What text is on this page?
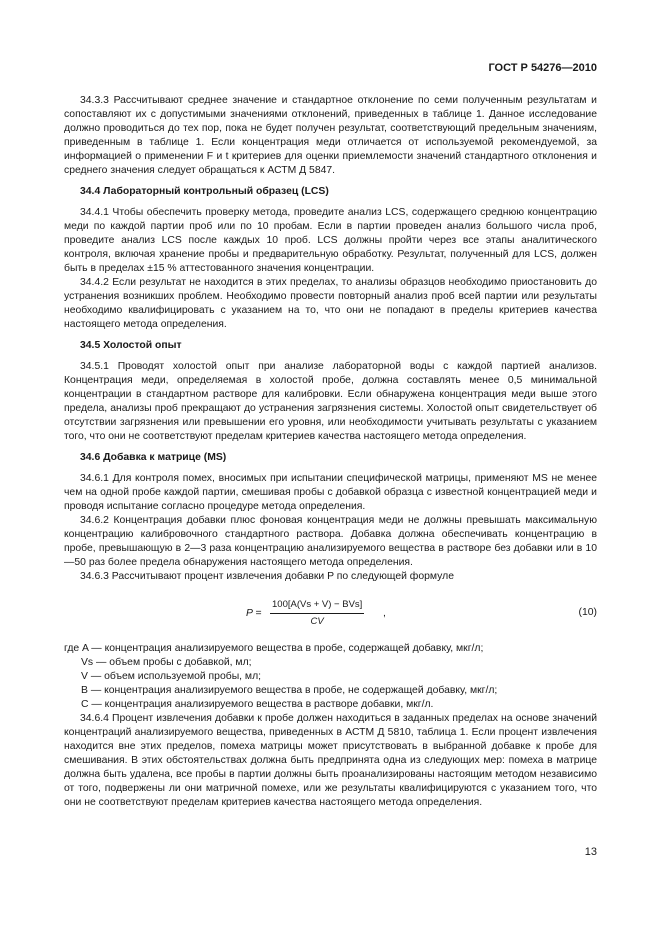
ГОСТ Р 54276—2010

34.3.3 Рассчитывают среднее значение и стандартное отклонение по семи полученным результатам и сопоставляют их с допустимыми значениями отклонений, приведенных в таблице 1. Данное исследование должно проводиться до тех пор, пока не будет получен результат, соответствующий предельным значениям, приведенным в таблице 1. Если концентрация меди отличается от используемой рекомендуемой, за информацией о применении F и t критериев для оценки приемлемости значений стандартного отклонения и среднего значения следует обращаться к АСТМ Д 5847.

34.4 Лабораторный контрольный образец (LCS)

34.4.1 Чтобы обеспечить проверку метода, проведите анализ LCS, содержащего среднюю концентрацию меди по каждой партии проб или по 10 пробам. Если в партии проведен анализ большого числа проб, проведите анализ LCS после каждых 10 проб. LCS должны пройти через все этапы аналитического контроля, включая хранение пробы и предварительную обработку. Результат, полученный для LCS, должен быть в пределах ±15 % аттестованного значения концентрации.

34.4.2 Если результат не находится в этих пределах, то анализы образцов необходимо приостановить до устранения возникших проблем. Необходимо провести повторный анализ проб всей партии или результаты необходимо квалифицировать с указанием на то, что они не попадают в пределы критериев качества настоящего метода определения.

34.5 Холостой опыт

34.5.1 Проводят холостой опыт при анализе лабораторной воды с каждой партией анализов. Концентрация меди, определяемая в холостой пробе, должна составлять менее 0,5 минимальной концентрации в стандартном растворе для калибровки. Если обнаружена концентрация меди выше этого предела, анализы проб прекращают до устранения загрязнения системы. Холостой опыт свидетельствует об отсутствии загрязнения или превышении его уровня, или необходимости учитывать результаты с указанием того, что они не соответствуют пределам критериев качества настоящего метода определения.

34.6 Добавка к матрице (MS)

34.6.1 Для контроля помех, вносимых при испытании специфической матрицы, применяют MS не менее чем на одной пробе каждой партии, смешивая пробы с добавкой образца с известной концентрацией меди и проводя испытание согласно процедуре метода определения.

34.6.2 Концентрация добавки плюс фоновая концентрация меди не должны превышать максимальную концентрацию калибровочного стандартного раствора. Добавка должна обеспечивать концентрацию в пробе, превышающую в 2—3 раза концентрацию анализируемого вещества в растворе без добавки или в 10—50 раз более предела обнаружения настоящего метода определения.

34.6.3 Рассчитывают процент извлечения добавки P по следующей формуле

P =
100[A(Vs + V) − BVs]
CV
,	(10)
где A — концентрация анализируемого вещества в пробе, содержащей добавку, мкг/л;
Vs — объем пробы с добавкой, мл;
V — объем используемой пробы, мл;
B — концентрация анализируемого вещества в пробе, не содержащей добавку, мкг/л;
C — концентрация анализируемого вещества в растворе добавки, мкг/л.

34.6.4 Процент извлечения добавки к пробе должен находиться в заданных пределах на основе значений концентраций анализируемого вещества, приведенных в АСТМ Д 5810, таблица 1. Если процент извлечения находится вне этих пределов, помеха матрицы может присутствовать в выбранной добавке к пробе для смешивания. В этих обстоятельствах должна быть предпринята одна из следующих мер: помеха в матрице должна быть удалена, все пробы в партии должны быть проанализированы настоящим методом независимо от того, подвержены ли они матричной помехе, или же результаты квалифицируются с указанием того, что они не соответствуют пределам критериев качества настоящего метода определения.

13
